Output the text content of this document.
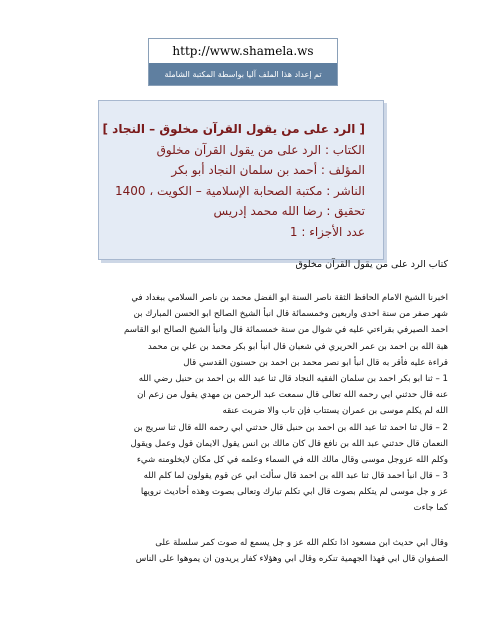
http://www.shamela.ws
تم إعداد هذا الملف آليا بواسطة المكتبة الشاملة
[ الرد على من يقول القرآن مخلوق – النجاد ]
الكتاب : الرد على من يقول القرآن مخلوق
المؤلف : أحمد بن سلمان النجاد أبو بكر
الناشر : مكتبة الصحابة الإسلامية – الكويت ، 1400
تحقيق : رضا الله محمد إدريس
عدد الأجزاء : 1
كتاب الرد على من يقول القرآن مخلوق
اخبرنا الشيخ الامام الحافظ الثقة ناصر السنة ابو الفضل محمد بن ناصر السلامي ببغداد في
شهر صفر من سنة احدى واربعين وخمسمائة قال انبأ الشيخ الصالح ابو الحسن المبارك بن
احمد الصيرفي بقراءتي عليه في شوال من سنة خمسمائة قال وانبأ الشيخ الصالح ابو القاسم
هبة الله بن احمد بن عمر الحريري في شعبان قال انبأ ابو بكر محمد بن علي بن محمد
قراءة عليه فأقر به قال انبأ ابو نصر محمد بن احمد بن حسنون القدسي قال
1 – ثنا ابو بكر احمد بن سلمان الفقيه النجاد قال ثنا عبد الله بن احمد بن حنبل رضي الله
عنه قال حدثني ابي رحمه الله تعالى قال سمعت عبد الرحمن بن مهدي يقول من زعم ان
الله لم يكلم موسى بن عمران يستتاب فإن تاب والا ضربت عنقه
2 – قال ثنا احمد ثنا عبد الله بن احمد بن حنبل قال حدثني ابي رحمه الله قال ثنا سريج بن
النعمان قال حدثني عبد الله بن نافع قال كان مالك بن انس يقول الايمان قول وعمل ويقول
وكلم الله عزوجل موسى وقال مالك الله في السماء وعلمه في كل مكان لايخلومنه شيء
3 – قال انبأ احمد قال ثنا عبد الله بن احمد قال سألت ابي عن قوم يقولون لما كلم الله
عز و جل موسى لم يتكلم بصوت قال ابي تكلم تبارك وتعالى بصوت وهذه أحاديث نرويها
كما جاءت
وقال ابي حديث ابن مسعود اذا تكلم الله عز و جل يسمع له صوت كمر سلسلة على
الصفوان قال ابي فهذا الجهمية تنكره وقال ابي وهؤلاء كفار يريدون ان يموهوا على الناس
